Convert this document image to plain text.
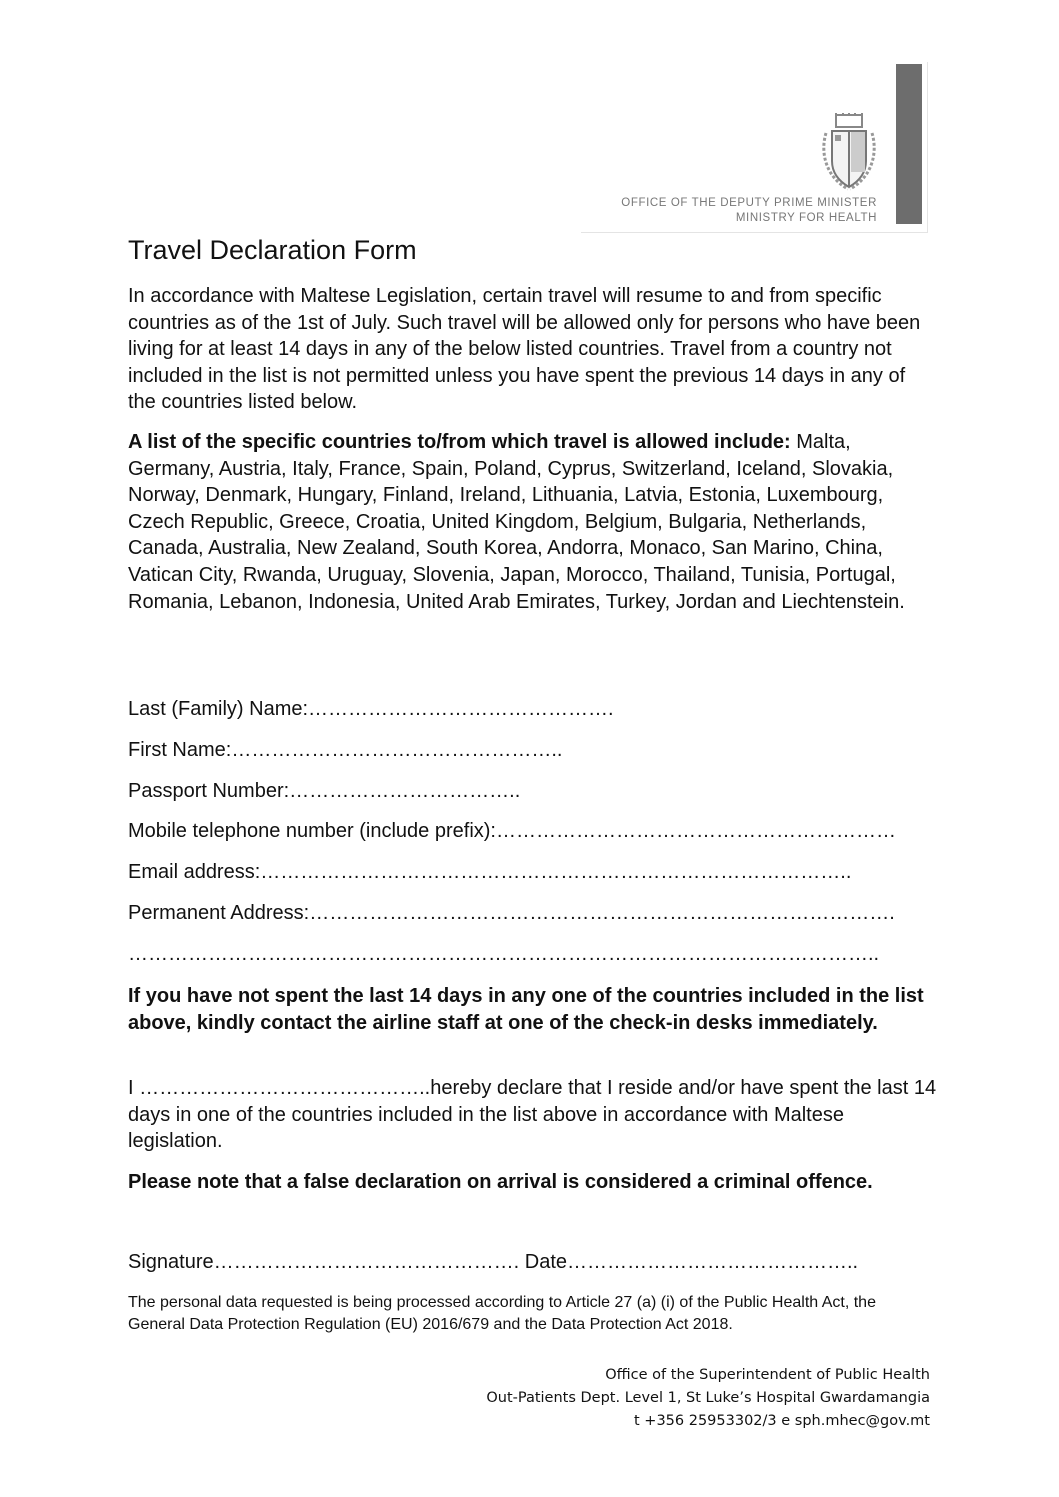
OFFICE OF THE DEPUTY PRIME MINISTER
MINISTRY FOR HEALTH
Travel Declaration Form
In accordance with Maltese Legislation, certain travel will resume to and from specific countries as of the 1st of July. Such travel will be allowed only for persons who have been living for at least 14 days in any of the below listed countries. Travel from a country not included in the list is not permitted unless you have spent the previous 14 days in any of the countries listed below.
A list of the specific countries to/from which travel is allowed include: Malta, Germany, Austria, Italy, France, Spain, Poland, Cyprus, Switzerland, Iceland, Slovakia, Norway, Denmark, Hungary, Finland, Ireland, Lithuania, Latvia, Estonia, Luxembourg, Czech Republic, Greece, Croatia, United Kingdom, Belgium, Bulgaria, Netherlands, Canada, Australia, New Zealand, South Korea, Andorra, Monaco, San Marino, China, Vatican City, Rwanda, Uruguay, Slovenia, Japan, Morocco, Thailand, Tunisia, Portugal, Romania, Lebanon, Indonesia, United Arab Emirates, Turkey, Jordan and Liechtenstein.
Last (Family) Name:……………………………………….
First Name:…………………………………………..
Passport Number:……………………………..
Mobile telephone number (include prefix):……………………………………………………
Email address:……………………………………………………………………………..
Permanent Address:…………………………………………………………………………….
…………………………………………………………………………………………………..
If you have not spent the last 14 days in any one of the countries included in the list above, kindly contact the airline staff at one of the check-in desks immediately.
I ……………………………………..hereby declare that I reside and/or have spent the last 14 days in one of the countries included in the list above in accordance with Maltese legislation.
Please note that a false declaration on arrival is considered a criminal offence.
Signature………………………………………. Date……………………………………..
The personal data requested is being processed according to Article 27 (a) (i) of the Public Health Act, the General Data Protection Regulation (EU) 2016/679 and the Data Protection Act 2018.
Office of the Superintendent of Public Health
Out-Patients Dept. Level 1, St Luke’s Hospital Gwardamangia
t +356 25953302/3 e sph.mhec@gov.mt
